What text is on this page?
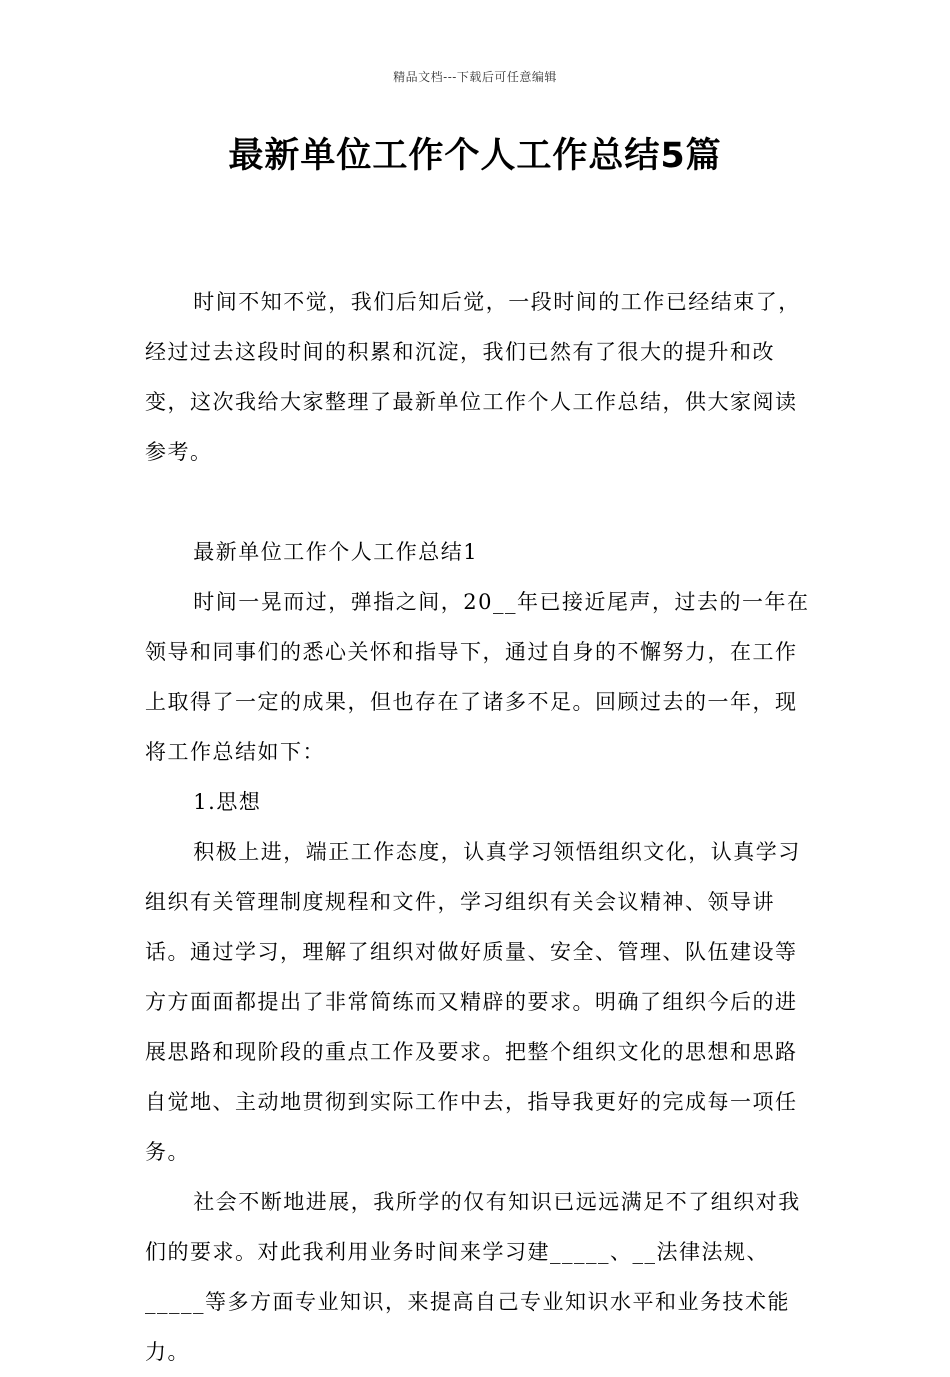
精品文档---下载后可任意编辑
最新单位工作个人工作总结5篇

时间不知不觉，我们后知后觉，一段时间的工作已经结束了，经过过去这段时间的积累和沉淀，我们已然有了很大的提升和改变，这次我给大家整理了最新单位工作个人工作总结，供大家阅读参考。

最新单位工作个人工作总结1

时间一晃而过，弹指之间，20__年已接近尾声，过去的一年在领导和同事们的悉心关怀和指导下，通过自身的不懈努力，在工作上取得了一定的成果，但也存在了诸多不足。回顾过去的一年，现将工作总结如下：

1.思想

积极上进，端正工作态度，认真学习领悟组织文化，认真学习组织有关管理制度规程和文件，学习组织有关会议精神、领导讲话。通过学习，理解了组织对做好质量、安全、管理、队伍建设等方方面面都提出了非常简练而又精辟的要求。明确了组织今后的进展思路和现阶段的重点工作及要求。把整个组织文化的思想和思路自觉地、主动地贯彻到实际工作中去，指导我更好的完成每一项任务。

社会不断地进展，我所学的仅有知识已远远满足不了组织对我们的要求。对此我利用业务时间来学习建_____、__法律法规、_____等多方面专业知识，来提高自己专业知识水平和业务技术能力。
